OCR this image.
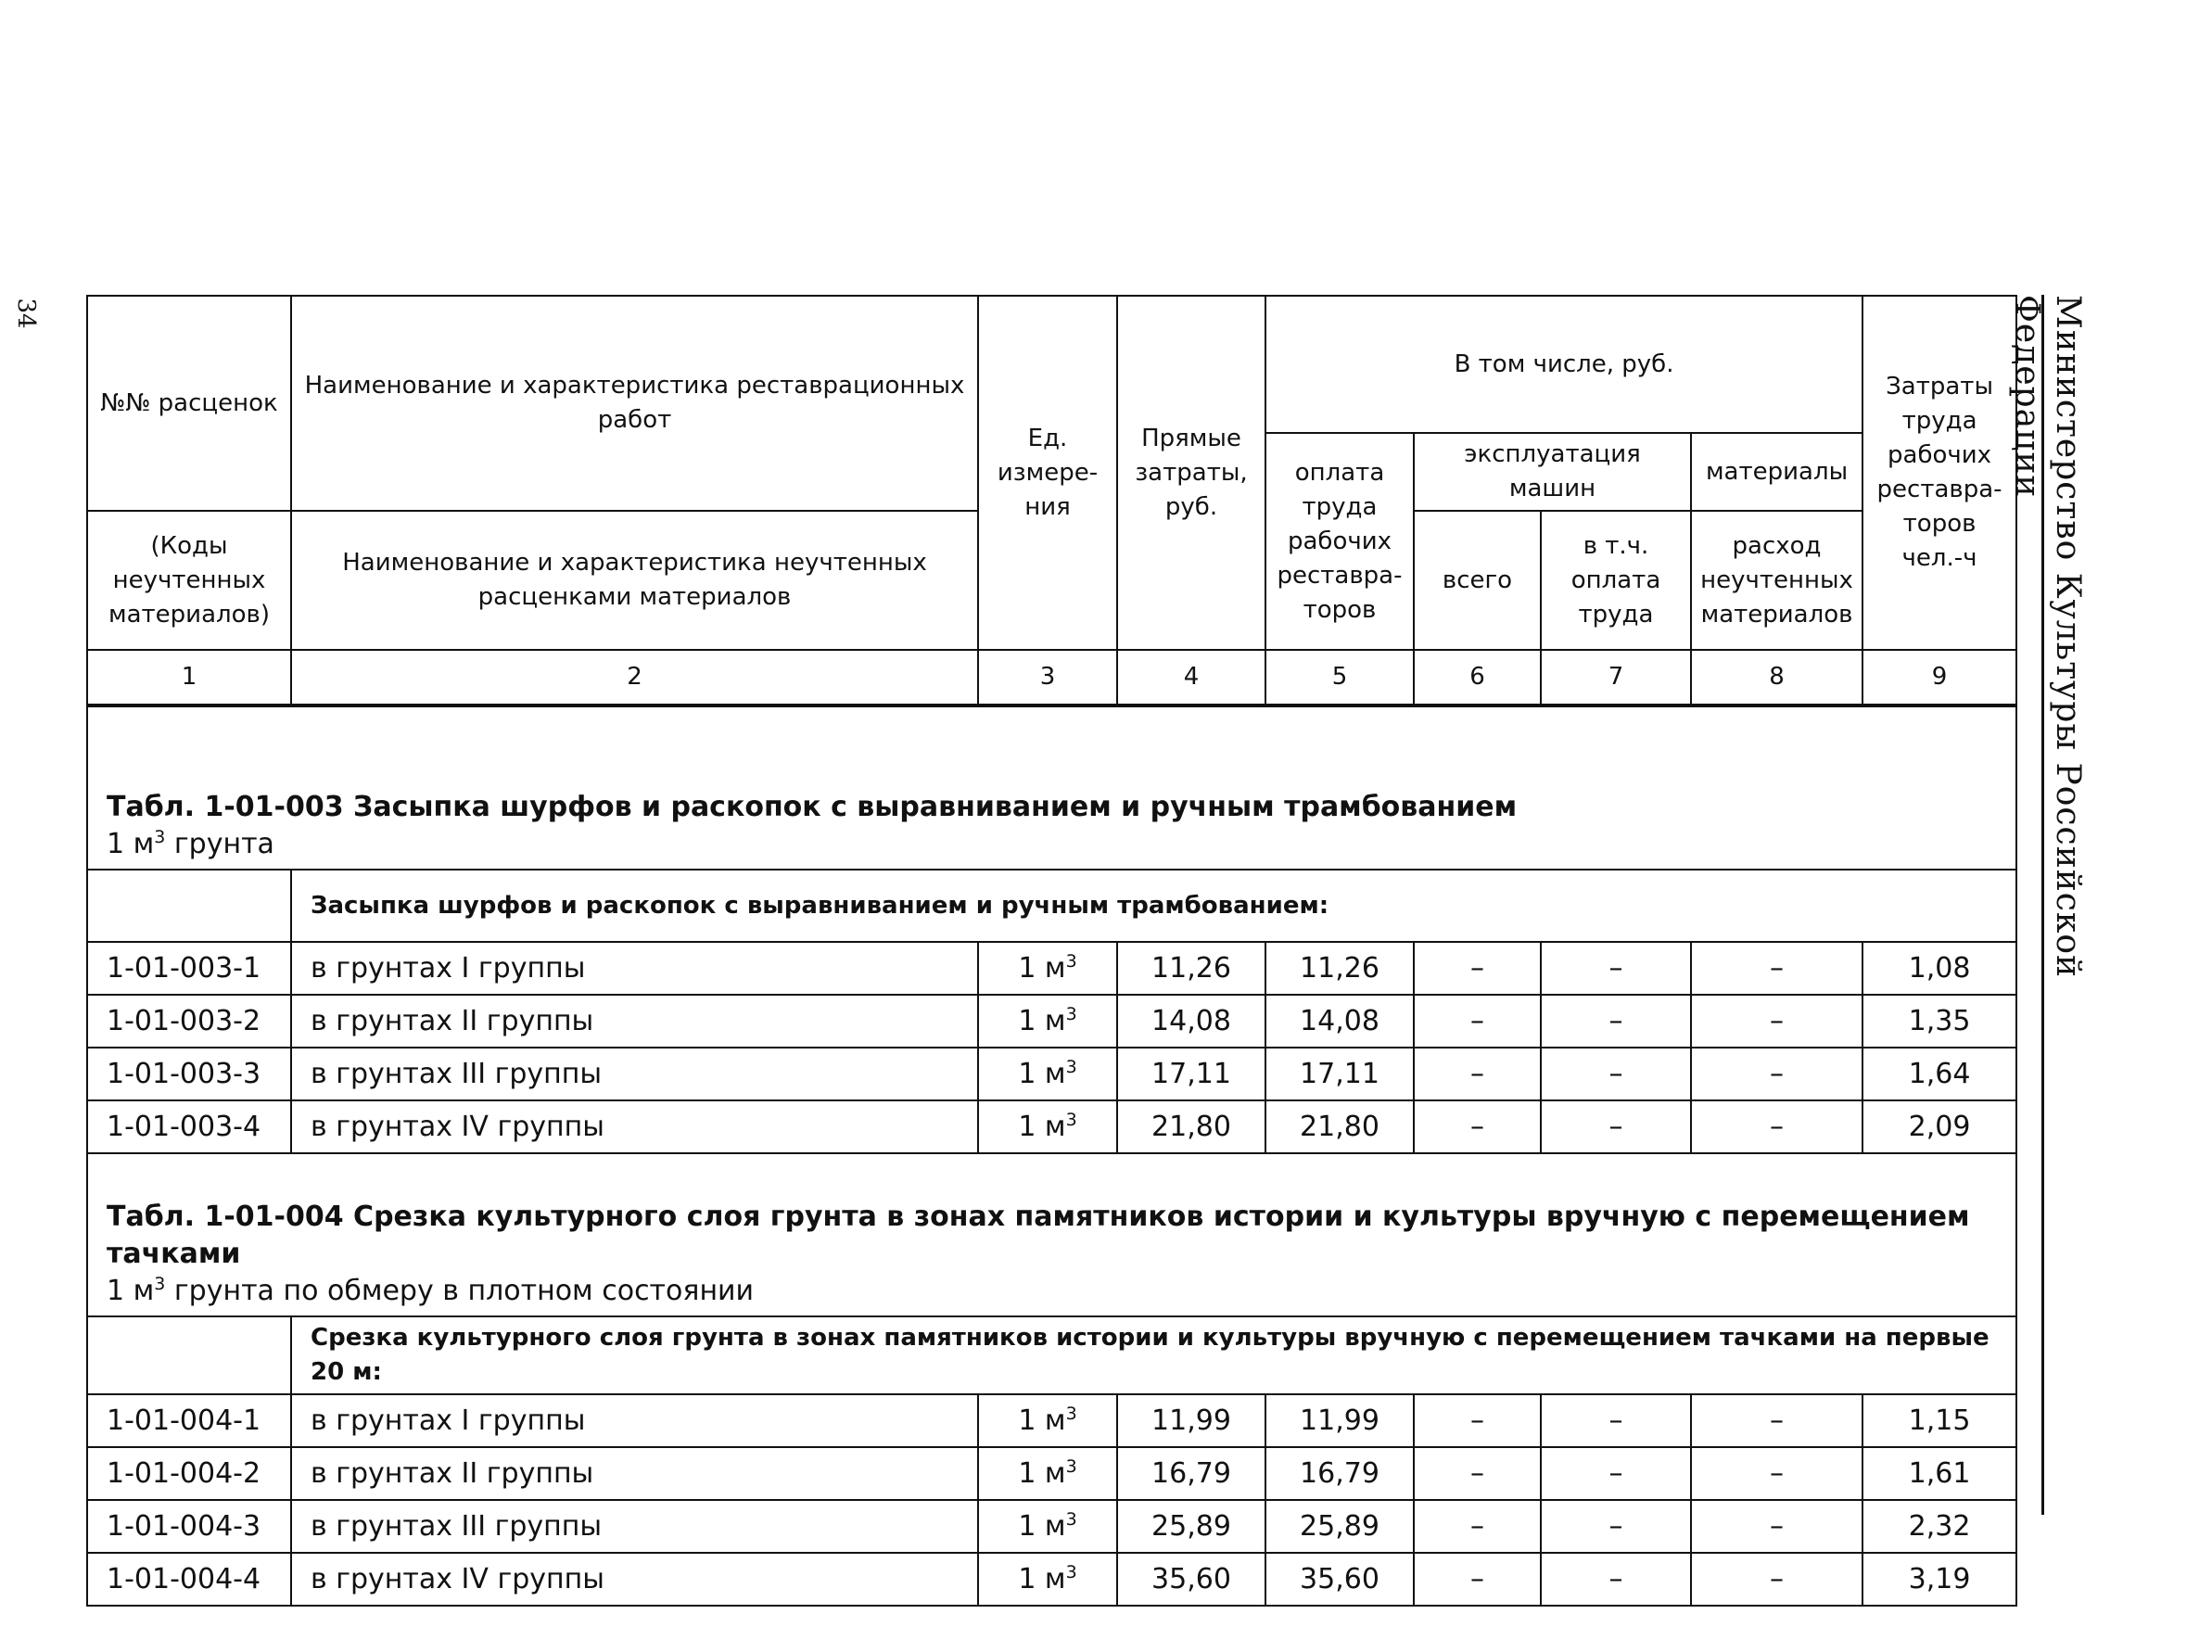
34	Министерство Культуры Российской Федерации
№№ расценок	Наименование и характеристика реставрационных работ	Ед. измере-ния	Прямые затраты, руб.	В том числе, руб.				Затраты труда рабочих реставра-торов чел.-ч
				оплата труда рабочих реставра-торов	эксплуатация машин		материалы	
(Коды неучтенных материалов)	Наименование и характеристика неучтенных расценками материалов				всего	в т.ч. оплата труда	расход неучтенных материалов	

1	2	3	4	5	6	7	8	9

Табл. 1-01-003 Засыпка шурфов и раскопок с выравниванием и ручным трамбованием
1 $м^3$ грунта								

	Засыпка шурфов и раскопок с выравниванием и ручным трамбованием:							
1-01-003-1	в грунтах I группы	1 $м^3$	11,26	11,26	–	–	–	1,08
1-01-003-2	в грунтах II группы	1 $м^3$	14,08	14,08	–	–	–	1,35
1-01-003-3	в грунтах III группы	1 $м^3$	17,11	17,11	–	–	–	1,64
1-01-003-4	в грунтах IV группы	1 $м^3$	21,80	21,80	–	–	–	2,09

Табл. 1-01-004 Срезка культурного слоя грунта в зонах памятников истории и культуры вручную с перемещением тачками
1 $м^3$ грунта по обмеру в плотном состоянии								

	Срезка культурного слоя грунта в зонах памятников истории и культуры вручную с перемещением тачками на первые 20 м:							
1-01-004-1	в грунтах I группы	1 $м^3$	11,99	11,99	–	–	–	1,15
1-01-004-2	в грунтах II группы	1 $м^3$	16,79	16,79	–	–	–	1,61
1-01-004-3	в грунтах III группы	1 $м^3$	25,89	25,89	–	–	–	2,32
1-01-004-4	в грунтах IV группы	1 $м^3$	35,60	35,60	–	–	–	3,19
